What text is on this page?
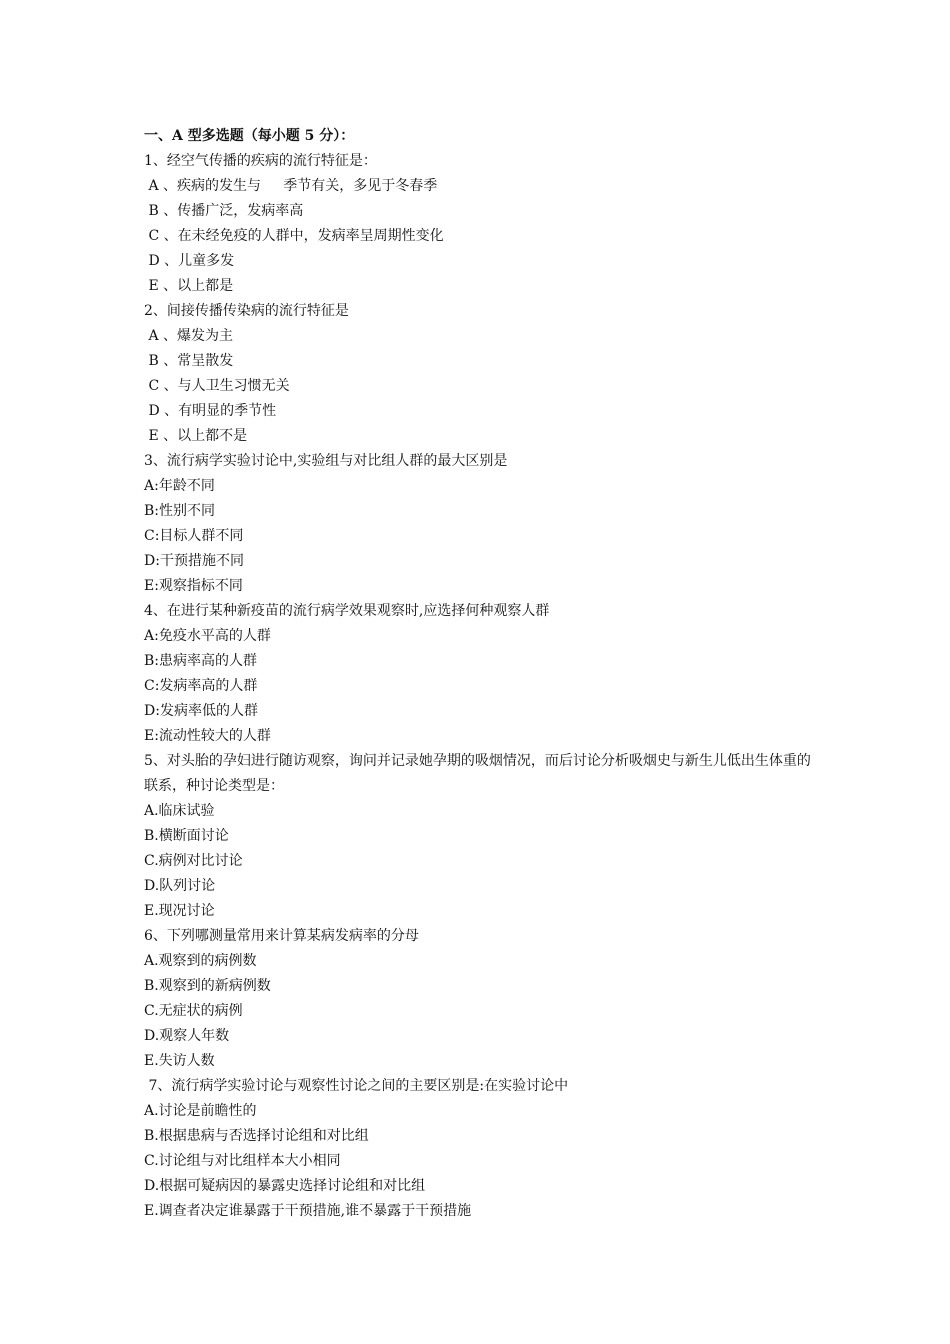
一、A 型多选题（每小题 5 分）：
1、经空气传播的疾病的流行特征是：
A 、疾病的发生与     季节有关，多见于冬春季
B 、传播广泛，发病率高
C 、在未经免疫的人群中，发病率呈周期性变化
D 、儿童多发
E 、以上都是
2、间接传播传染病的流行特征是
A 、爆发为主
B 、常呈散发
C 、与人卫生习惯无关
D 、有明显的季节性
E 、以上都不是
3、流行病学实验讨论中,实验组与对比组人群的最大区别是
A:年龄不同
B:性别不同
C:目标人群不同
D:干预措施不同
E:观察指标不同
4、在进行某种新疫苗的流行病学效果观察时,应选择何种观察人群
A:免疫水平高的人群
B:患病率高的人群
C:发病率高的人群
D:发病率低的人群
E:流动性较大的人群
5、对头胎的孕妇进行随访观察，询问并记录她孕期的吸烟情况，而后讨论分析吸烟史与新生儿低出生体重的联系，种讨论类型是：
A.临床试验
B.横断面讨论
C.病例对比讨论
D.队列讨论
E.现况讨论
6、下列哪测量常用来计算某病发病率的分母
A.观察到的病例数
B.观察到的新病例数
C.无症状的病例
D.观察人年数
E.失访人数
7、流行病学实验讨论与观察性讨论之间的主要区别是:在实验讨论中
A.讨论是前瞻性的
B.根据患病与否选择讨论组和对比组
C.讨论组与对比组样本大小相同
D.根据可疑病因的暴露史选择讨论组和对比组
E.调查者决定谁暴露于干预措施,谁不暴露于干预措施
